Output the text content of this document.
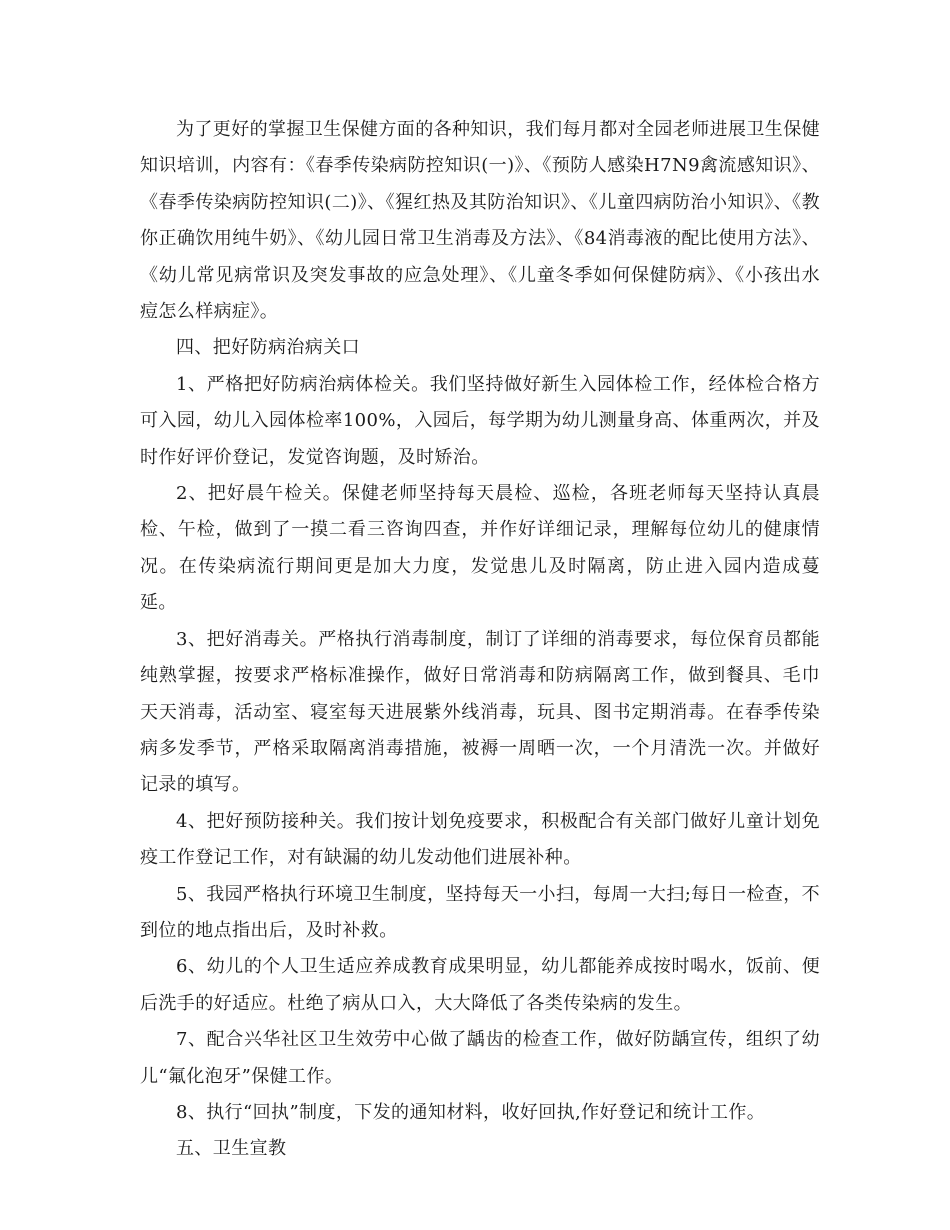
为了更好的掌握卫生保健方面的各种知识，我们每月都对全园老师进展卫生保健知识培训，内容有：《春季传染病防控知识(一)》、《预防人感染H7N9禽流感知识》、《春季传染病防控知识(二)》、《猩红热及其防治知识》、《儿童四病防治小知识》、《教你正确饮用纯牛奶》、《幼儿园日常卫生消毒及方法》、《84消毒液的配比使用方法》、《幼儿常见病常识及突发事故的应急处理》、《儿童冬季如何保健防病》、《小孩出水痘怎么样病症》。

四、把好防病治病关口

1、严格把好防病治病体检关。我们坚持做好新生入园体检工作，经体检合格方可入园，幼儿入园体检率100%，入园后，每学期为幼儿测量身高、体重两次，并及时作好评价登记，发觉咨询题，及时矫治。

2、把好晨午检关。保健老师坚持每天晨检、巡检，各班老师每天坚持认真晨检、午检，做到了一摸二看三咨询四查，并作好详细记录，理解每位幼儿的健康情况。在传染病流行期间更是加大力度，发觉患儿及时隔离，防止进入园内造成蔓延。

3、把好消毒关。严格执行消毒制度，制订了详细的消毒要求，每位保育员都能纯熟掌握，按要求严格标准操作，做好日常消毒和防病隔离工作，做到餐具、毛巾天天消毒，活动室、寝室每天进展紫外线消毒，玩具、图书定期消毒。在春季传染病多发季节，严格采取隔离消毒措施，被褥一周晒一次，一个月清洗一次。并做好记录的填写。

4、把好预防接种关。我们按计划免疫要求，积极配合有关部门做好儿童计划免疫工作登记工作，对有缺漏的幼儿发动他们进展补种。

5、我园严格执行环境卫生制度，坚持每天一小扫，每周一大扫;每日一检查，不到位的地点指出后，及时补救。

6、幼儿的个人卫生适应养成教育成果明显，幼儿都能养成按时喝水，饭前、便后洗手的好适应。杜绝了病从口入，大大降低了各类传染病的发生。

7、配合兴华社区卫生效劳中心做了龋齿的检查工作，做好防龋宣传，组织了幼儿“氟化泡牙”保健工作。

8、执行“回执”制度，下发的通知材料，收好回执,作好登记和统计工作。

五、卫生宣教
